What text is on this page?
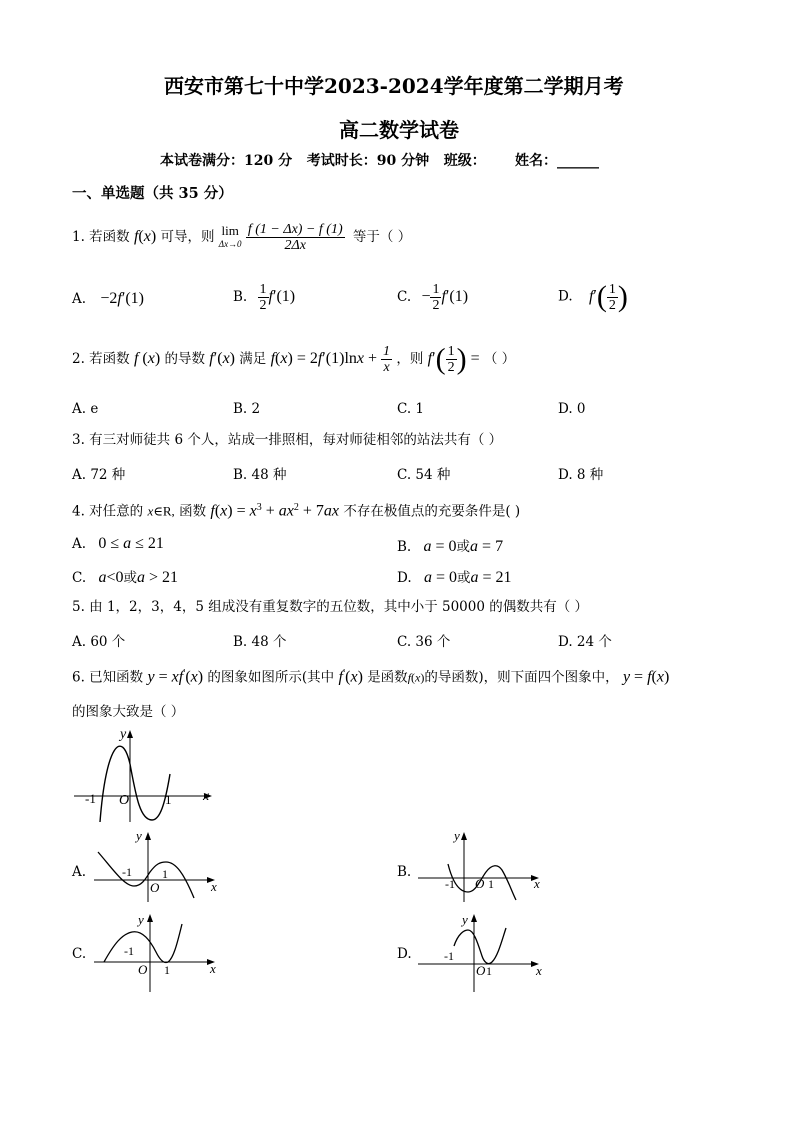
西安市第七十中学2023-2024学年度第二学期月考
高二数学试卷
本试卷满分：120 分   考试时长：90 分钟   班级：      姓名：______
一、单选题（共 35 分）
1. 若函数 f(x) 可导，则 lim
$\Delta x\to 0 \frac{f (1 - \Delta x) - f (1)}{2\Delta x}$ 等于（ ）
A. −2f′(1)	B. $\frac{1}{2} f'(1)$	C. − $\frac{1}{2} f'(1)$	D. $f'( \frac{1}{2}$ )
2. 若函数 f (x) 的导数 f′(x) 满足 $f(x) = 2f'(1)\ln x + \frac{1}{x}$ ，则 $f'( \frac{1}{2}$ ) = （ ）
A. e	B. 2	C. 1	D. 0
3. 有三对师徒共 6 个人，站成一排照相，每对师徒相邻的站法共有（ ）
A. 72 种	B. 48 种	C. 54 种	D. 8 种
4. 对任意的 x∈R, 函数 $f(x) = x^3 + ax^2 + 7ax$ 不存在极值点的充要条件是( )
A. 0 ≤ a ≤ 21	B. a = 0或a = 7
C. a<0或a > 21	D. a = 0或a = 21
5. 由 1，2，3，4，5 组成没有重复数字的五位数，其中小于 50000 的偶数共有（ ）
A. 60 个	B. 48 个	C. 36 个	D. 24 个
6. 已知函数 y = xf′(x) 的图象如图所示(其中 f′(x) 是函数f(x)的导函数)，则下面四个图象中， y = f(x)
的图象大致是（ ）
y
x
O
-1	1
A.
y
x
O
-1	1	B.
y
x
O
-1	1
C.
y
x
O
-1
1
D.
y
x
O
-1
1
